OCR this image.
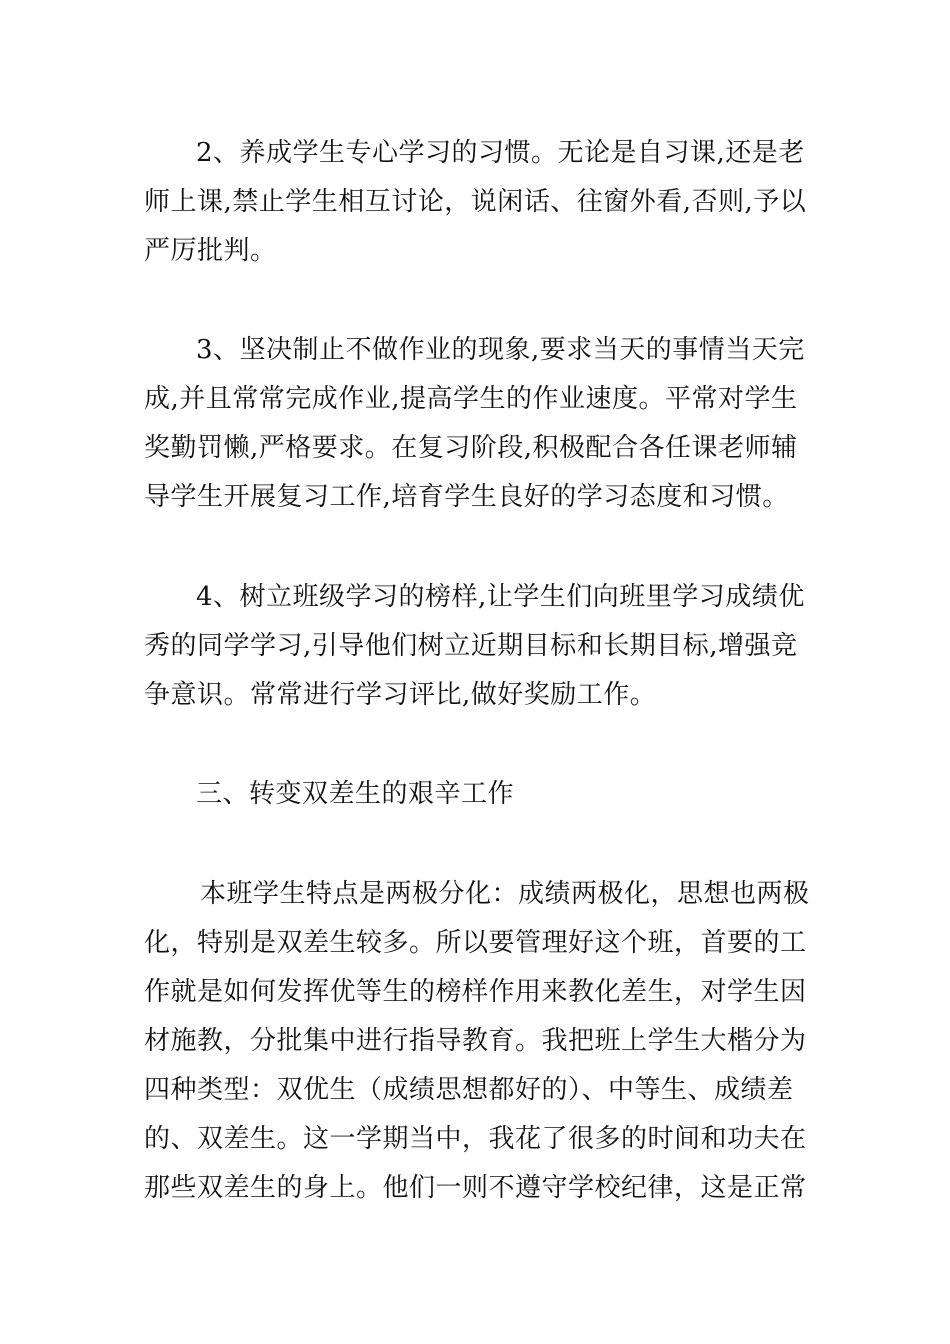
2、养成学生专心学习的习惯。无论是自习课,还是老
师上课,禁止学生相互讨论，说闲话、往窗外看,否则,予以
严厉批判。
3、坚决制止不做作业的现象,要求当天的事情当天完
成,并且常常完成作业,提高学生的作业速度。平常对学生
奖勤罚懒,严格要求。在复习阶段,积极配合各任课老师辅
导学生开展复习工作,培育学生良好的学习态度和习惯。
4、树立班级学习的榜样,让学生们向班里学习成绩优
秀的同学学习,引导他们树立近期目标和长期目标,增强竞
争意识。常常进行学习评比,做好奖励工作。
三、转变双差生的艰辛工作
本班学生特点是两极分化：成绩两极化，思想也两极
化，特别是双差生较多。所以要管理好这个班，首要的工
作就是如何发挥优等生的榜样作用来教化差生，对学生因
材施教，分批集中进行指导教育。我把班上学生大楷分为
四种类型：双优生（成绩思想都好的）、中等生、成绩差
的、双差生。这一学期当中，我花了很多的时间和功夫在
那些双差生的身上。他们一则不遵守学校纪律，这是正常
